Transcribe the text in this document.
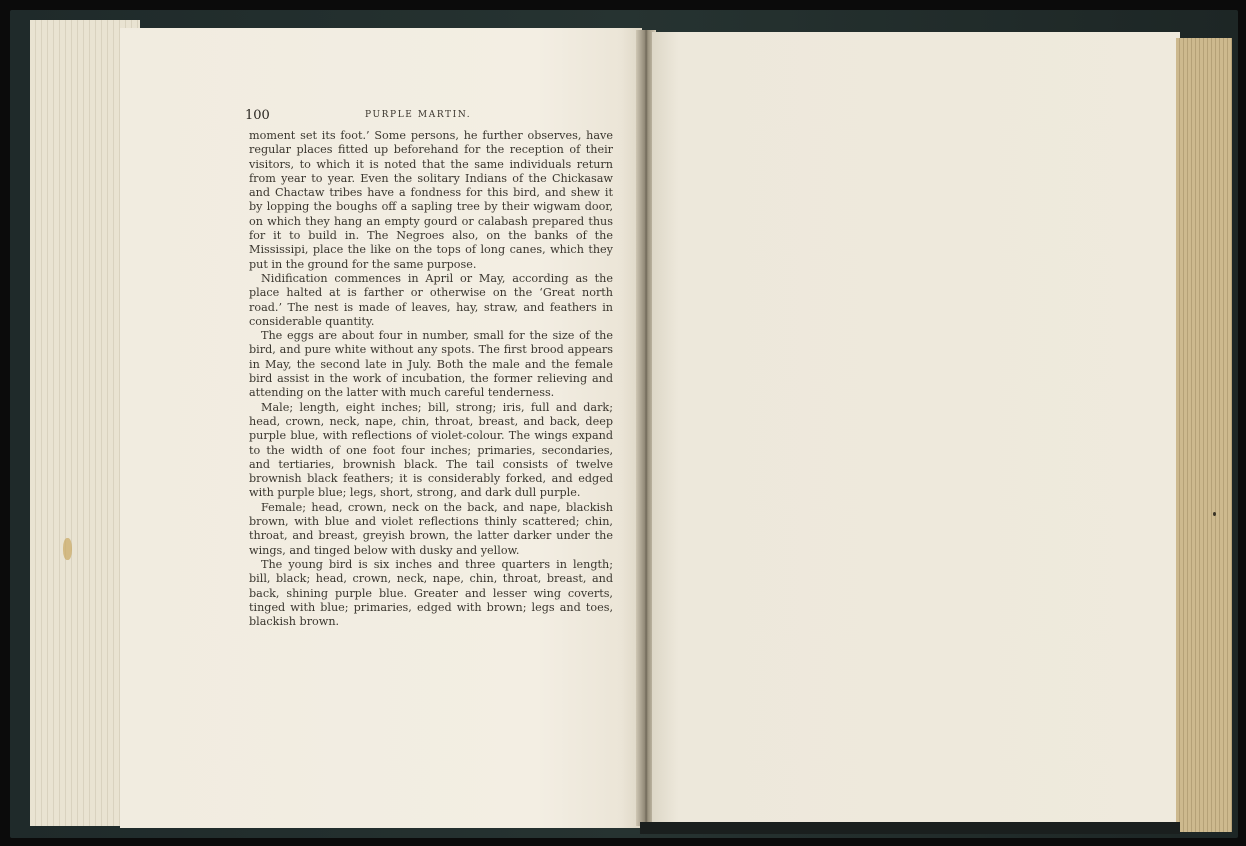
100	PURPLE MARTIN.

moment set its foot.’ Some persons, he further observes, have regular places fitted up beforehand for the reception of their visitors, to which it is noted that the same individuals return from year to year. Even the solitary Indians of the Chickasaw and Chactaw tribes have a fondness for this bird, and shew it by lopping the boughs off a sapling tree by their wigwam door, on which they hang an empty gourd or calabash prepared thus for it to build in. The Negroes also, on the banks of the Mississipi, place the like on the tops of long canes, which they put in the ground for the same purpose.

Nidification commences in April or May, according as the place halted at is farther or otherwise on the ‘Great north road.’ The nest is made of leaves, hay, straw, and feathers in considerable quantity.

The eggs are about four in number, small for the size of the bird, and pure white without any spots. The first brood appears in May, the second late in July. Both the male and the female bird assist in the work of incubation, the former relieving and attending on the latter with much careful tenderness.

Male; length, eight inches; bill, strong; iris, full and dark; head, crown, neck, nape, chin, throat, breast, and back, deep purple blue, with reflections of violet-colour. The wings expand to the width of one foot four inches; primaries, secondaries, and tertiaries, brownish black. The tail consists of twelve brownish black feathers; it is considerably forked, and edged with purple blue; legs, short, strong, and dark dull purple.

Female; head, crown, neck on the back, and nape, blackish brown, with blue and violet reflections thinly scattered; chin, throat, and breast, greyish brown, the latter darker under the wings, and tinged below with dusky and yellow.

The young bird is six inches and three quarters in length; bill, black; head, crown, neck, nape, chin, throat, breast, and back, shining purple blue. Greater and lesser wing coverts, tinged with blue; primaries, edged with brown; legs and toes, blackish brown.
